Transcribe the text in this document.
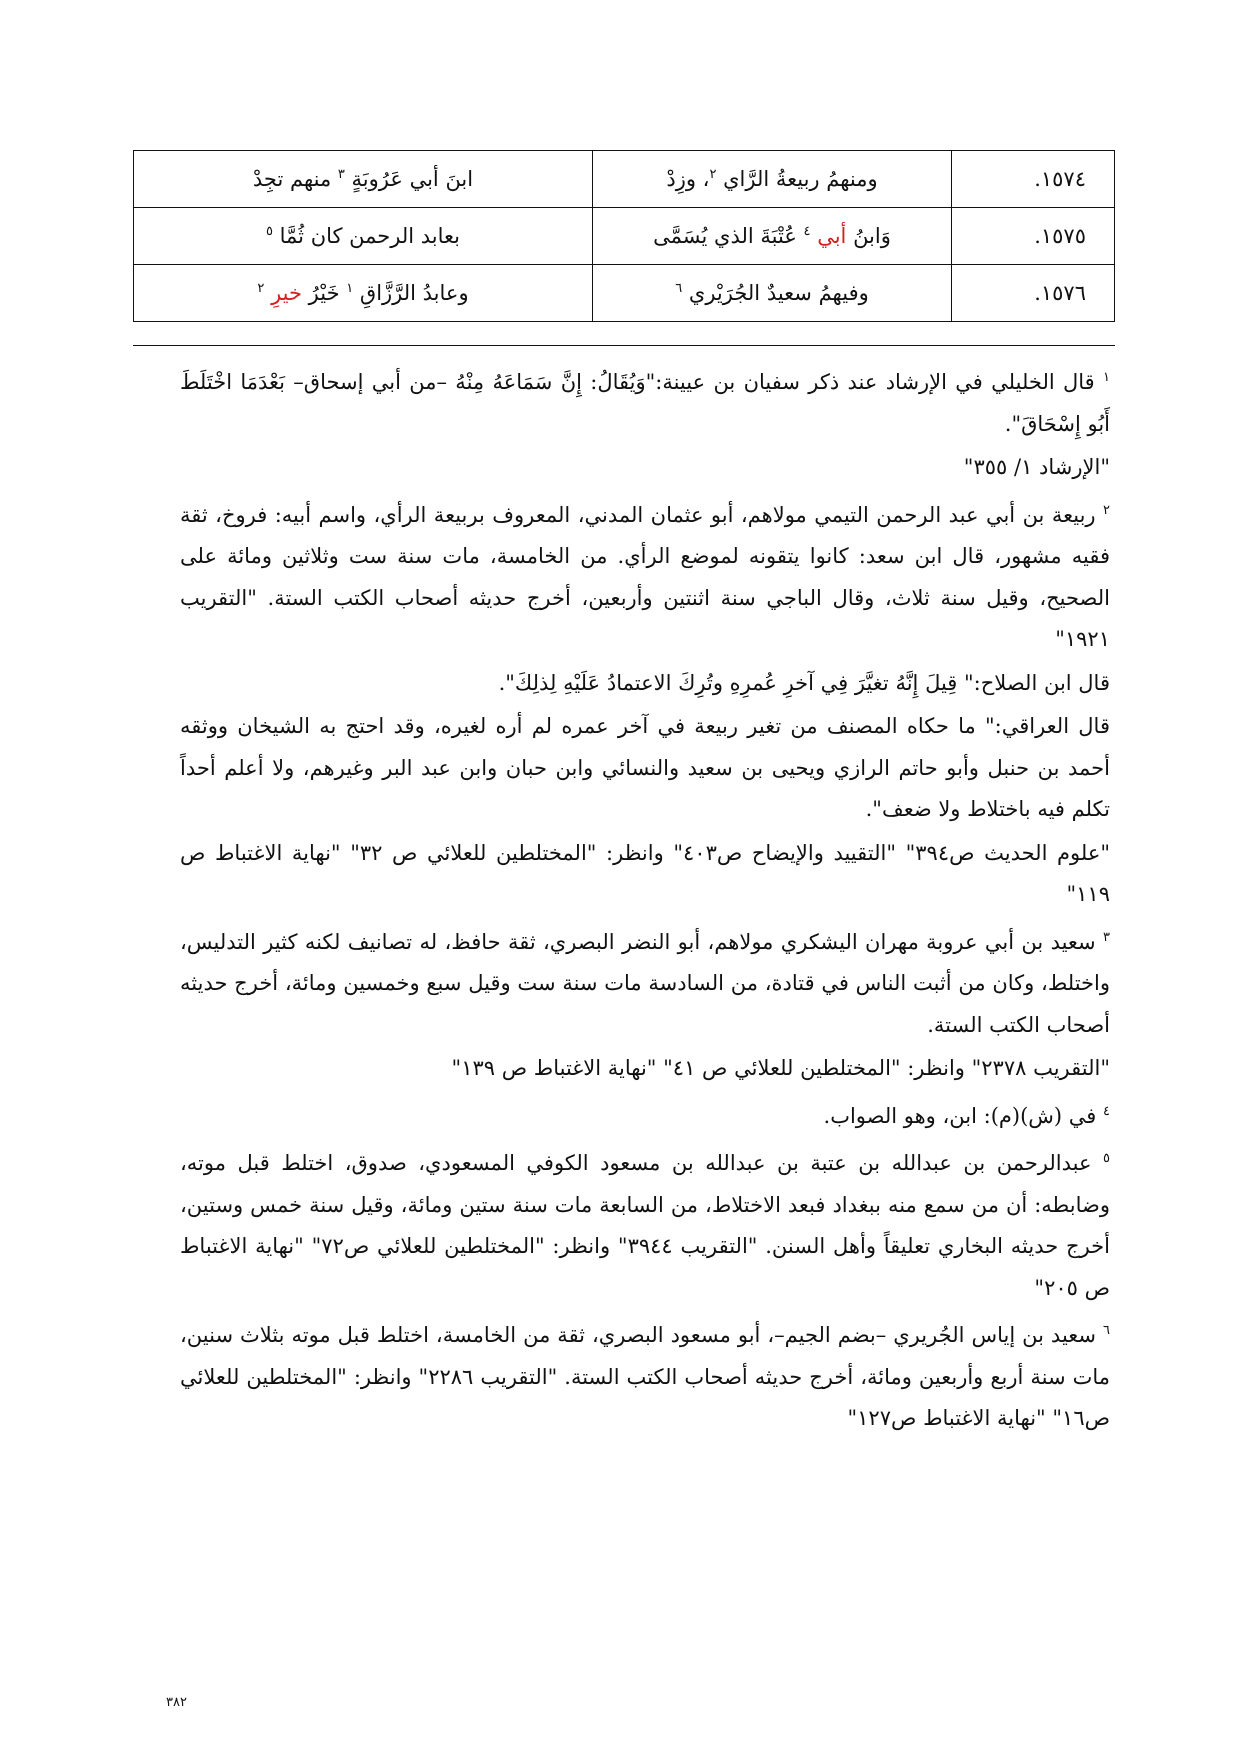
١٥٧٤.	ومنهمُ ربيعةُ الرَّاي $^٢$، وزِدْ	ابنَ أبي عَرُوبَةٍ $^٣$ منهم تجِدْ
١٥٧٥.	وَابنُ أبي $^٤$ عُتْبَةَ الذي يُسَمَّى	بعابد الرحمن كان ثُمَّا $^٥$
١٥٧٦.	وفيهمُ سعيدٌ الجُرَيْري $^٦$	وعابدُ الرَّزَّاقِ $^١$ خَيْرُ خيرِ $^٢$

$^١$ قال الخليلي في الإرشاد عند ذكر سفيان بن عيينة:"وَيُقَالُ: إِنَّ سَمَاعَهُ مِنْهُ –من أبي إسحاق– بَعْدَمَا اخْتَلَطَ أَبُو إِسْحَاقَ".

"الإرشاد ١/ ٣٥٥"

$^٢$ ربيعة بن أبي عبد الرحمن التيمي مولاهم، أبو عثمان المدني، المعروف بربيعة الرأي، واسم أبيه: فروخ، ثقة فقيه مشهور، قال ابن سعد: كانوا يتقونه لموضع الرأي. من الخامسة، مات سنة ست وثلاثين ومائة على الصحيح، وقيل سنة ثلاث، وقال الباجي سنة اثنتين وأربعين، أخرج حديثه أصحاب الكتب الستة. "التقريب ١٩٢١"

قال ابن الصلاح:" قِيلَ إِنَّهُ تغيَّرَ فِي آخرِ عُمرِهِ وتُرِكَ الاعتمادُ عَلَيْهِ لِذلِكَ".

قال العراقي:" ما حكاه المصنف من تغير ربيعة في آخر عمره لم أره لغيره، وقد احتج به الشيخان ووثقه أحمد بن حنبل وأبو حاتم الرازي ويحيى بن سعيد والنسائي وابن حبان وابن عبد البر وغيرهم، ولا أعلم أحداً تكلم فيه باختلاط ولا ضعف".

"علوم الحديث ص٣٩٤" "التقييد والإيضاح ص٤٠٣" وانظر: "المختلطين للعلائي ص ٣٢" "نهاية الاغتباط ص ١١٩"

$^٣$ سعيد بن أبي عروبة مهران اليشكري مولاهم، أبو النضر البصري، ثقة حافظ، له تصانيف لكنه كثير التدليس، واختلط، وكان من أثبت الناس في قتادة، من السادسة مات سنة ست وقيل سبع وخمسين ومائة، أخرج حديثه أصحاب الكتب الستة.

"التقريب ٢٣٧٨" وانظر: "المختلطين للعلائي ص ٤١" "نهاية الاغتباط ص ١٣٩"

$^٤$ في (ش)(م): ابن، وهو الصواب.

$^٥$ عبدالرحمن بن عبدالله بن عتبة بن عبدالله بن مسعود الكوفي المسعودي، صدوق، اختلط قبل موته، وضابطه: أن من سمع منه ببغداد فبعد الاختلاط، من السابعة مات سنة ستين ومائة، وقيل سنة خمس وستين، أخرج حديثه البخاري تعليقاً وأهل السنن. "التقريب ٣٩٤٤" وانظر: "المختلطين للعلائي ص٧٢" "نهاية الاغتباط ص ٢٠٥"

$^٦$ سعيد بن إياس الجُريري –بضم الجيم–، أبو مسعود البصري، ثقة من الخامسة، اختلط قبل موته بثلاث سنين، مات سنة أربع وأربعين ومائة، أخرج حديثه أصحاب الكتب الستة. "التقريب ٢٢٨٦" وانظر: "المختلطين للعلائي ص١٦" "نهاية الاغتباط ص١٢٧"

٣٨٢
